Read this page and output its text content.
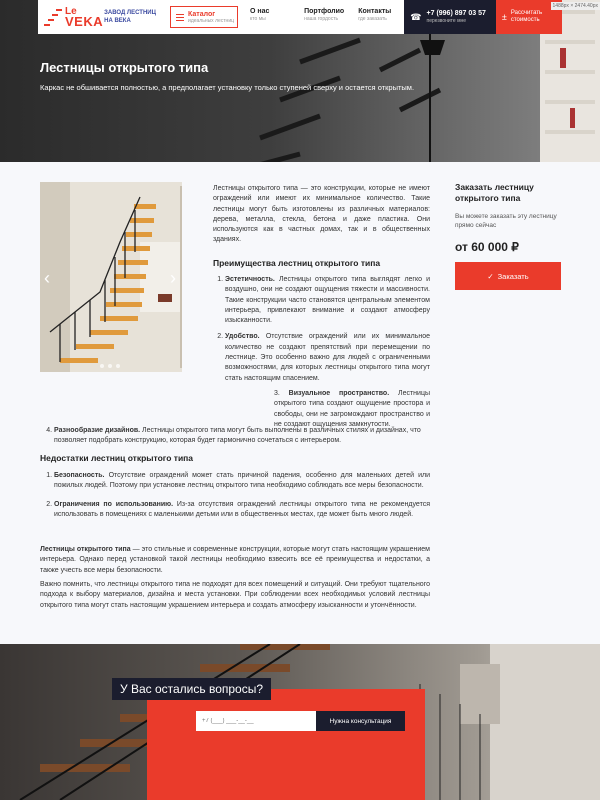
Лестницы открытого типа
Каркас не обшивается полностью, а предполагает установку только ступеней сверху и остается открытым.
1488px × 2474.40px
Le
VEKA
ЗАВОД ЛЕСТНИЦ НА ВЕКА
Каталог
идеальных лестниц
О нас
кто мы
Портфолио
наша гордость
Контакты
где заказать	☎ +7 (996) 897 03 57
перезвоните мне	± Рассчитать стоимость
‹	›
Лестницы открытого типа — это конструкции, которые не имеют ограждений или имеют их минимальное количество. Такие лестницы могут быть изготовлены из различных материалов: дерева, металла, стекла, бетона и даже пластика. Они используются как в частных домах, так и в общественных зданиях.
Преимущества лестниц открытого типа
1. Эстетичность. Лестницы открытого типа выглядят легко и воздушно, они не создают ощущения тяжести и массивности. Такие конструкции часто становятся центральным элементом интерьера, привлекают внимание и создают атмосферу изысканности.
2. Удобство. Отсутствие ограждений или их минимальное количество не создают препятствий при перемещении по лестнице. Это особенно важно для людей с ограниченными возможностями, для которых лестницы открытого типа могут стать настоящим спасением.
3. Визуальное пространство. Лестницы открытого типа создают ощущение простора и свободы, они не загромождают пространство и не создают ощущения замкнутости.
4. Разнообразие дизайнов. Лестницы открытого типа могут быть выполнены в различных стилях и дизайнах, что позволяет подобрать конструкцию, которая будет гармонично сочетаться с интерьером.
Недостатки лестниц открытого типа
1. Безопасность. Отсутствие ограждений может стать причиной падения, особенно для маленьких детей или пожилых людей. Поэтому при установке лестниц открытого типа необходимо соблюдать все меры безопасности.
2. Ограничения по использованию. Из-за отсутствия ограждений лестницы открытого типа не рекомендуется использовать в помещениях с маленькими детьми или в общественных местах, где может быть много людей.
Лестницы открытого типа — это стильные и современные конструкции, которые могут стать настоящим украшением интерьера. Однако перед установкой такой лестницы необходимо взвесить все её преимущества и недостатки, а также учесть все меры безопасности.
Важно помнить, что лестницы открытого типа не подходят для всех помещений и ситуаций. Они требуют тщательного подхода к выбору материалов, дизайна и места установки. При соблюдении всех необходимых условий лестницы открытого типа могут стать настоящим украшением интерьера и создать атмосферу изысканности и утончённости.
Заказать лестницу открытого типа
Вы можете заказать эту лестницу прямо сейчас
от 60 000 ₽
✓ Заказать
У Вас остались вопросы?
+7 (___) ___-__-__
Нужна консультация
